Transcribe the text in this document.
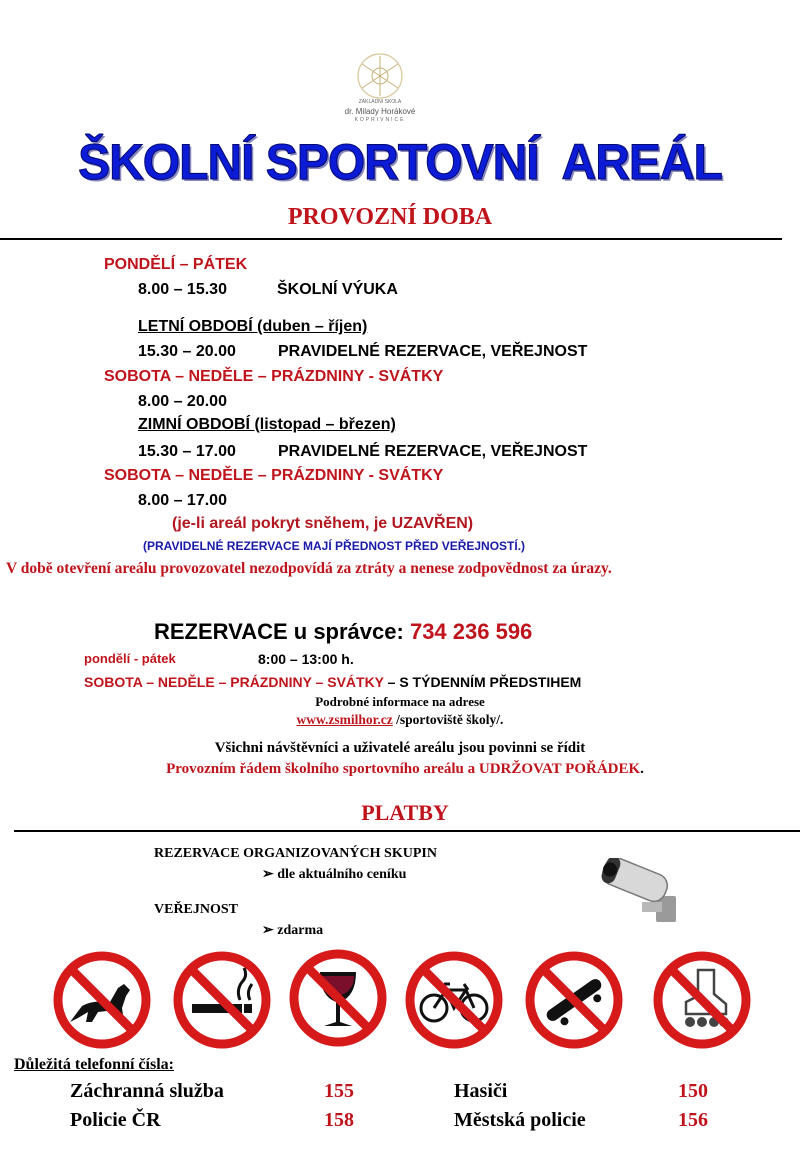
ZAKLADNI SKOLA
dr. Milady Horákové
KOPRIVNICE
ŠKOLNÍ SPORTOVNÍ  AREÁL
PROVOZNÍ DOBA
PONDĚLÍ – PÁTEK
8.00 – 15.30	ŠKOLNÍ VÝUKA
LETNÍ OBDOBÍ (duben – říjen)
15.30 – 20.00	PRAVIDELNÉ REZERVACE, VEŘEJNOST
SOBOTA – NEDĚLE – PRÁZDNINY - SVÁTKY
8.00 – 20.00
ZIMNÍ OBDOBÍ (listopad – březen)
15.30 – 17.00	PRAVIDELNÉ REZERVACE, VEŘEJNOST
SOBOTA – NEDĚLE – PRÁZDNINY - SVÁTKY
8.00 – 17.00
(je-li areál pokryt sněhem, je UZAVŘEN)
(PRAVIDELNÉ REZERVACE MAJÍ PŘEDNOST PŘED VEŘEJNOSTÍ.)
V době otevření areálu provozovatel nezodpovídá za ztráty a nenese zodpovědnost za úrazy.
REZERVACE u správce: 734 236 596
pondělí - pátek	8:00 – 13:00 h.
SOBOTA – NEDĚLE – PRÁZDNINY – SVÁTKY – S TÝDENNÍM PŘEDSTIHEM
Podrobné informace na adrese
www.zsmilhor.cz /sportoviště školy/.
Všichni návštěvníci a uživatelé areálu jsou povinni se řídit
Provozním řádem školního sportovního areálu a UDRŽOVAT POŘÁDEK.
PLATBY
REZERVACE ORGANIZOVANÝCH SKUPIN
➢ dle aktuálního ceníku
VEŘEJNOST
➢ zdarma
Důležitá telefonní čísla:
Záchranná služba	155	Hasiči	150
Policie ČR	158	Městská policie	156
